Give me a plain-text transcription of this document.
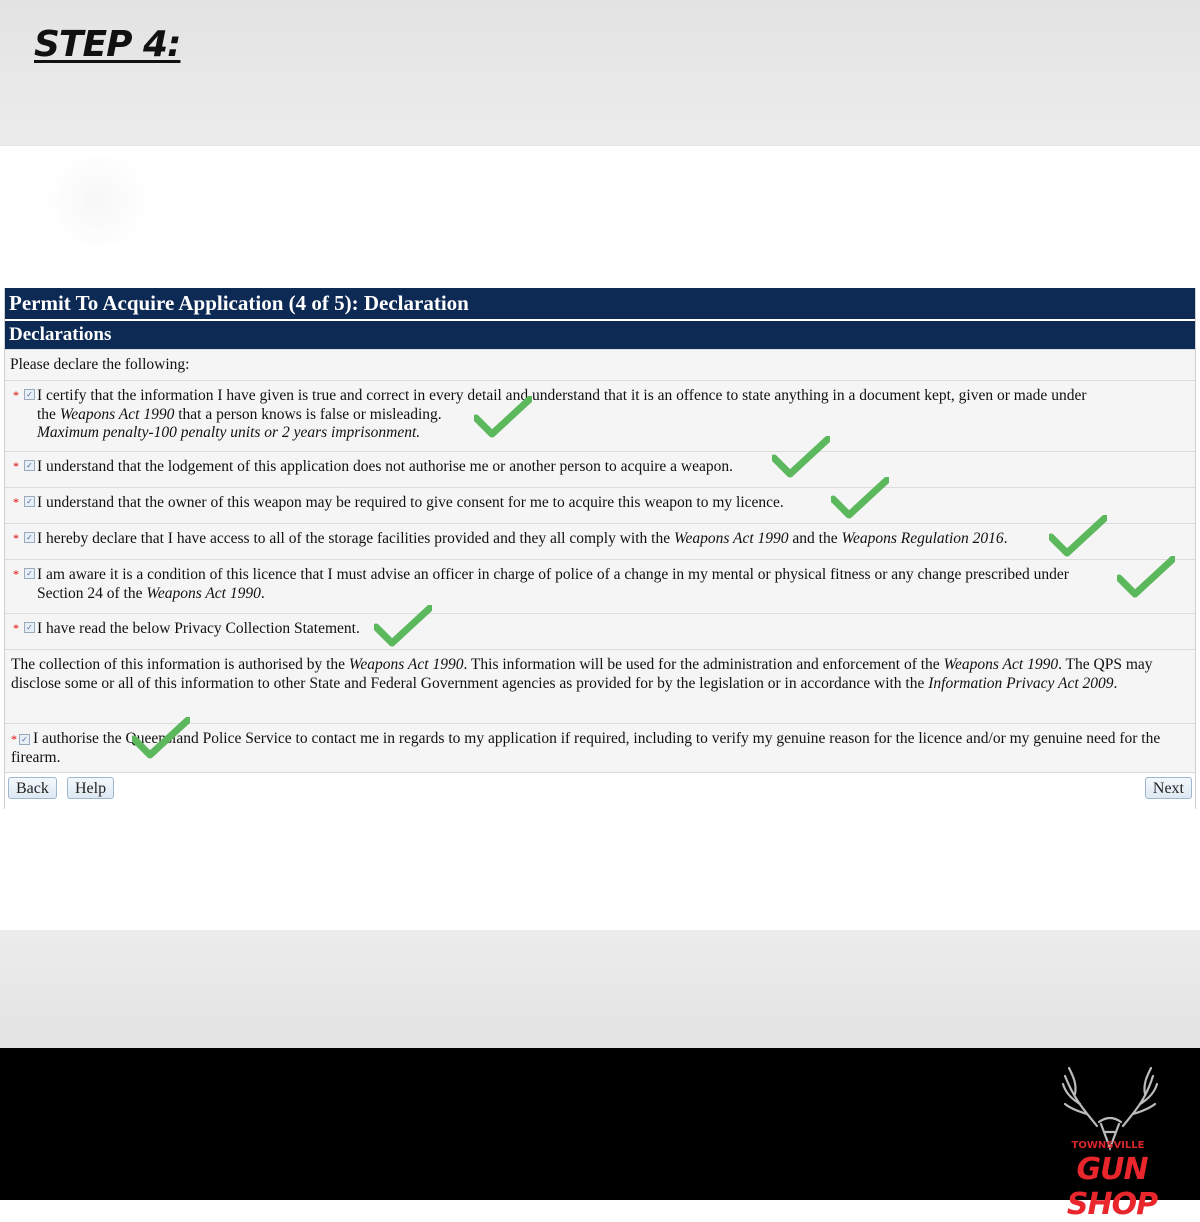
STEP 4:
Permit To Acquire Application (4 of 5): Declaration
Declarations
Please declare the following:
* ✓ I certify that the information I have given is true and correct in every detail and understand that it is an offence to state anything in a document kept, given or made under
the Weapons Act 1990 that a person knows is false or misleading.
Maximum penalty-100 penalty units or 2 years imprisonment.
* ✓ I understand that the lodgement of this application does not authorise me or another person to acquire a weapon.
* ✓ I understand that the owner of this weapon may be required to give consent for me to acquire this weapon to my licence.
* ✓ I hereby declare that I have access to all of the storage facilities provided and they all comply with the Weapons Act 1990 and the Weapons Regulation 2016.
* ✓ I am aware it is a condition of this licence that I must advise an officer in charge of police of a change in my mental or physical fitness or any change prescribed under
Section 24 of the Weapons Act 1990.
* ✓ I have read the below Privacy Collection Statement.
The collection of this information is authorised by the Weapons Act 1990. This information will be used for the administration and enforcement of the Weapons Act 1990. The QPS may disclose some or all of this information to other State and Federal Government agencies as provided for by the legislation or in accordance with the Information Privacy Act 2009.
* ✓ I authorise the Queensland Police Service to contact me in regards to my application if required, including to verify my genuine reason for the licence and/or my genuine need for the firearm.
Back	Help	Next
TOWNSVILLE
GUN SHOP
